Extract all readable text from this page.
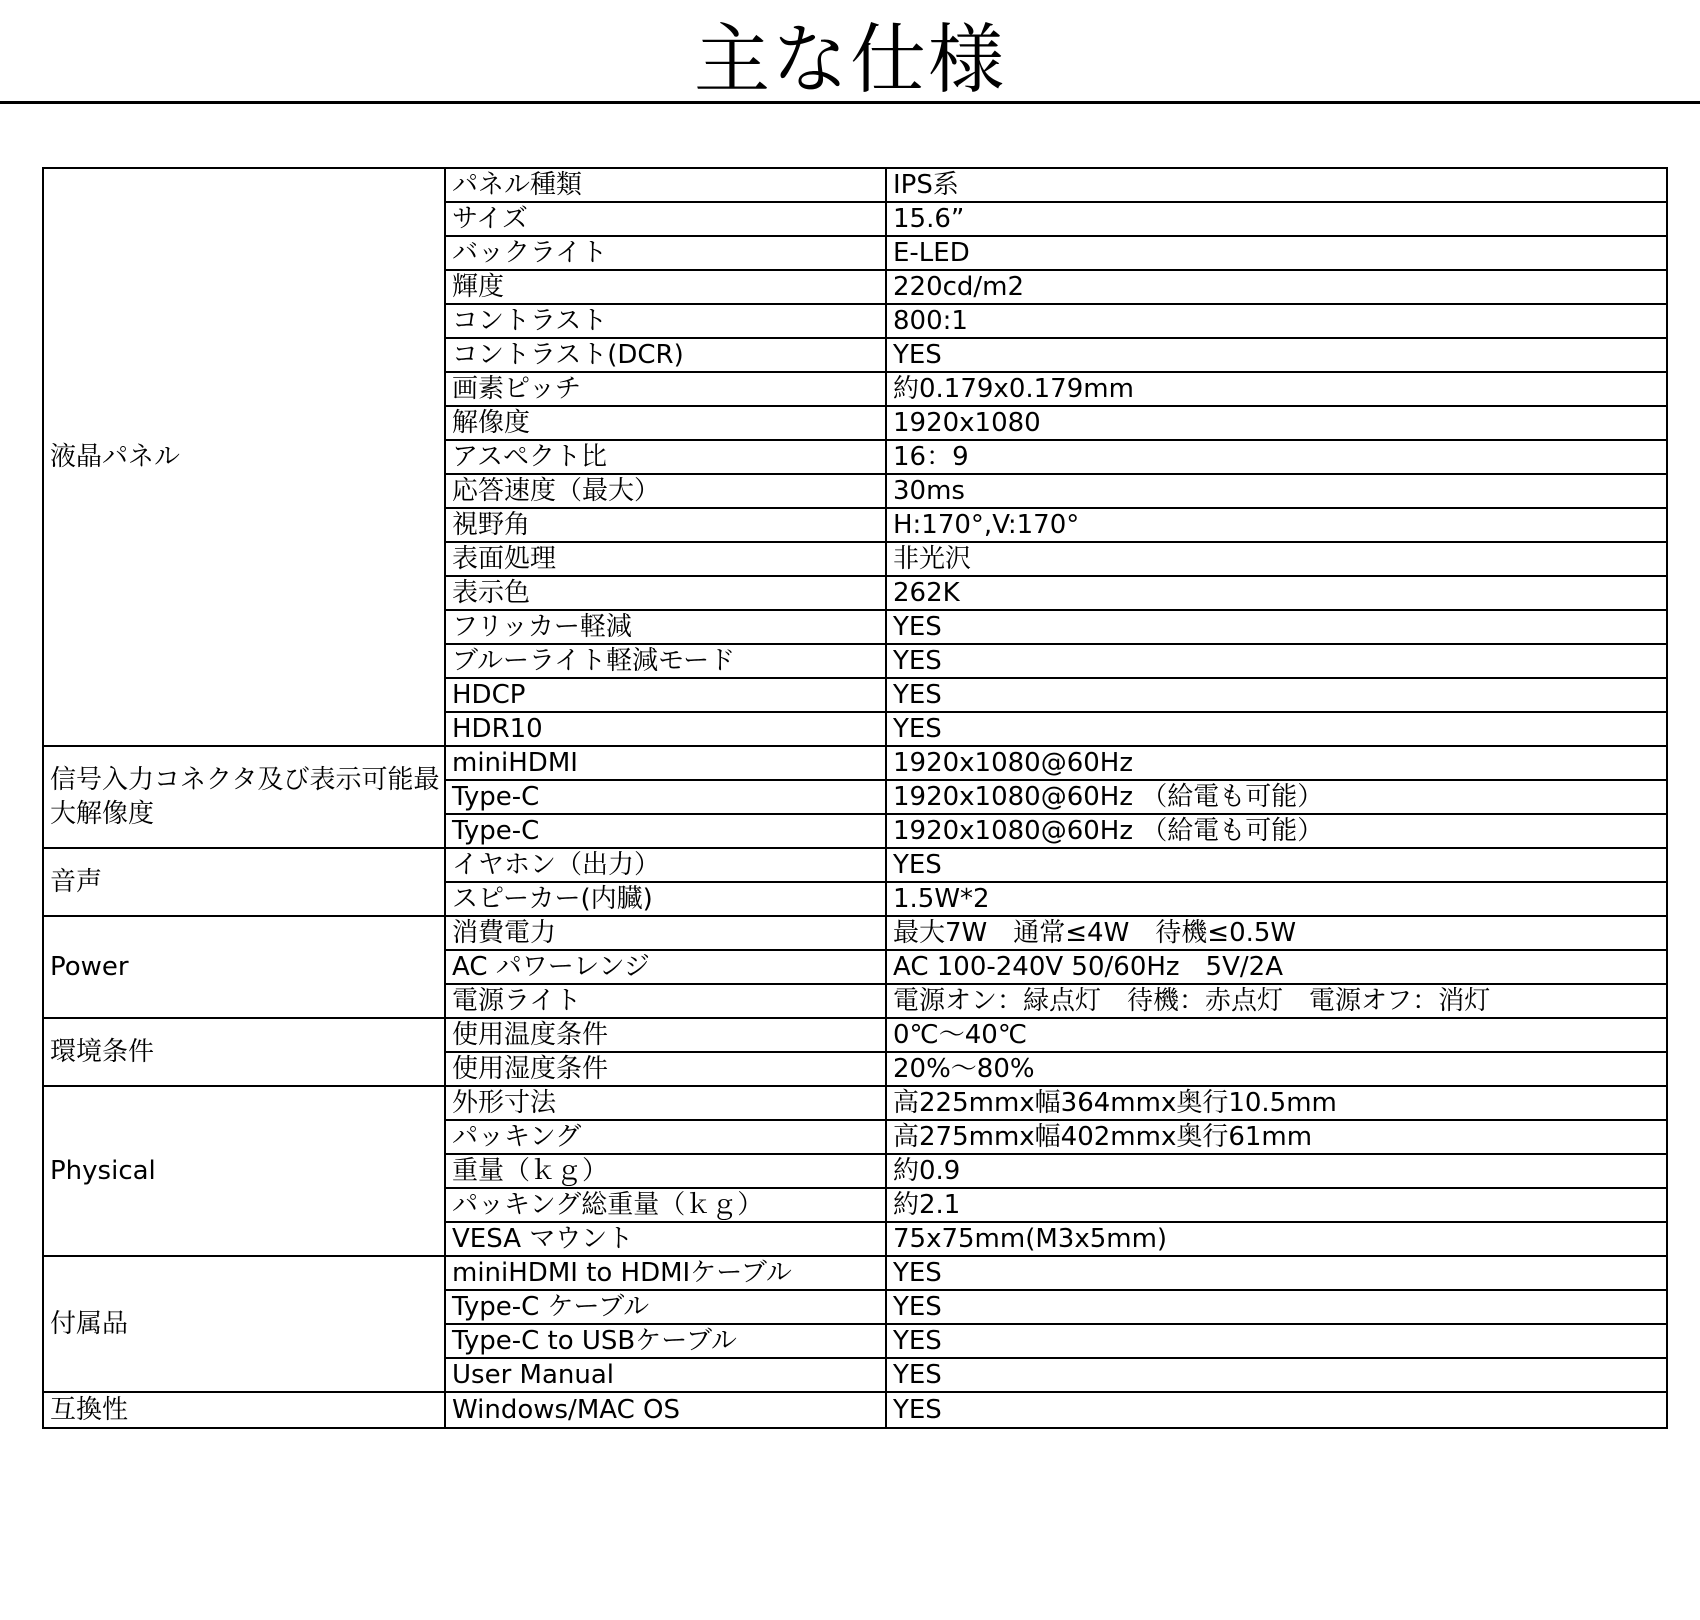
主な仕様
液晶パネル	パネル種類	IPS系
	サイズ	15.6”
	バックライト	E-LED
	輝度	220cd/m2
	コントラスト	800:1
	コントラスト(DCR)	YES
	画素ピッチ	約0.179x0.179mm
	解像度	1920x1080
	アスペクト比	16：9
	応答速度（最大）	30ms
	視野角	H:170°,V:170°
	表面処理	非光沢
	表示色	262K
	フリッカー軽減	YES
	ブルーライト軽減モード	YES
	HDCP	YES
	HDR10	YES
信号入力コネクタ及び表示可能最大解像度	miniHDMI	1920x1080@60Hz
	Type-C	1920x1080@60Hz （給電も可能）
	Type-C	1920x1080@60Hz （給電も可能）
音声	イヤホン（出力）	YES
	スピーカー(内臓)	1.5W*2
Power	消費電力	最大7W　通常≤4W　待機≤0.5W
	AC パワーレンジ	AC 100-240V 50/60Hz　5V/2A
	電源ライト	電源オン：緑点灯　待機：赤点灯　電源オフ：消灯
環境条件	使用温度条件	0℃～40℃
	使用湿度条件	20%～80%
Physical	外形寸法	高225mmx幅364mmx奥行10.5mm
	パッキング	高275mmx幅402mmx奥行61mm
	重量（ｋｇ）	約0.9
	パッキング総重量（ｋｇ）	約2.1
	VESA マウント	75x75mm(M3x5mm)
付属品	miniHDMI to HDMIケーブル	YES
	Type-C ケーブル	YES
	Type-C to USBケーブル	YES
	User Manual	YES
互換性	Windows/MAC OS	YES
